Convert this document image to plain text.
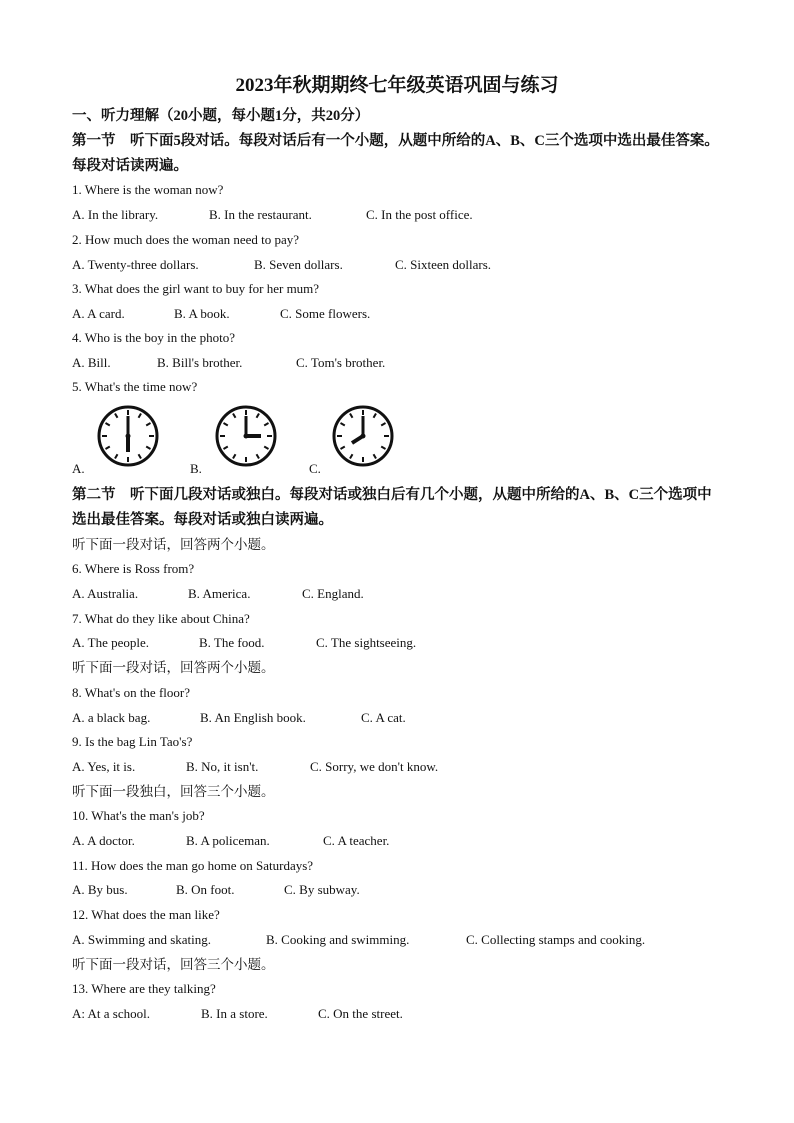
2023年秋期期终七年级英语巩固与练习
一、听力理解（20小题，每小题1分，共20分）
第一节　听下面5段对话。每段对话后有一个小题，从题中所给的A、B、C三个选项中选出最佳答案。每段对话读两遍。
1. Where is the woman now?
A. In the library.	B. In the restaurant.	C. In the post office.
2. How much does the woman need to pay?
A. Twenty-three dollars.	B. Seven dollars.	C. Sixteen dollars.
3. What does the girl want to buy for her mum?
A. A card.	B. A book.	C. Some flowers.
4. Who is the boy in the photo?
A. Bill.	B. Bill's brother.	C. Tom's brother.
5. What's the time now?
A.	B.	C.
第二节　听下面几段对话或独白。每段对话或独白后有几个小题，从题中所给的A、B、C三个选项中选出最佳答案。每段对话或独白读两遍。
听下面一段对话，回答两个小题。
6. Where is Ross from?
A. Australia.	B. America.	C. England.
7. What do they like about China?
A. The people.	B. The food.	C. The sightseeing.
听下面一段对话，回答两个小题。
8. What's on the floor?
A. a black bag.	B. An English book.	C. A cat.
9. Is the bag Lin Tao's?
A. Yes, it is.	B. No, it isn't.	C. Sorry, we don't know.
听下面一段独白，回答三个小题。
10. What's the man's job?
A. A doctor.	B. A policeman.	C. A teacher.
11. How does the man go home on Saturdays?
A. By bus.	B. On foot.	C. By subway.
12. What does the man like?
A. Swimming and skating.	B. Cooking and swimming.	C. Collecting stamps and cooking.
听下面一段对话，回答三个小题。
13. Where are they talking?
A: At a school.	B. In a store.	C. On the street.
